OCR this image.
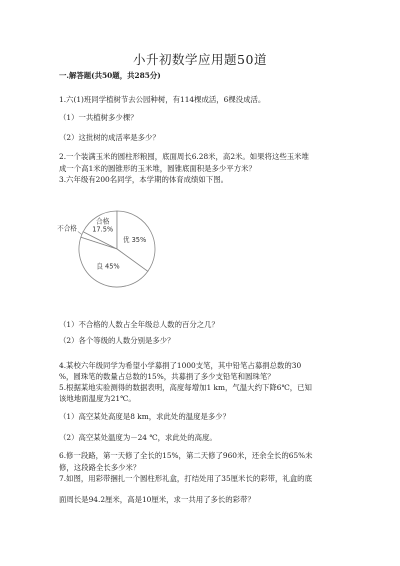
小升初数学应用题50道
一.解答题(共50题，共285分)
1.六(1)班同学植树节去公园种树，有114棵成活，6棵没成活。
（1）一共植树多少棵？
（2）这批树的成活率是多少？
2.一个装满玉米的圆柱形粮囤，底面周长6.28米，高2米。如果将这些玉米堆
成一个高1米的圆锥形的玉米堆，圆锥底面积是多少平方米？
3.六年级有200名同学，本学期的体育成绩如下图。
不合格
合格
17.5%
优 35%
良 45%
（1）不合格的人数占全年级总人数的百分之几？
（2）各个等级的人数分别是多少？
4.某校六年级同学为希望小学募捐了1000支笔，其中铅笔占募捐总数的30
%，圆珠笔的数量占总数的15%，共募捐了多少支铅笔和圆珠笔？
5.根据某地实验测得的数据表明，高度每增加1 km，气温大约下降6℃，已知
该地地面温度为21℃。
（1）高空某处高度是8 km，求此处的温度是多少？
（2）高空某处温度为－24 ℃，求此处的高度。
6.修一段路，第一天修了全长的15%，第二天修了960米，还余全长的65%未
修，这段路全长多少米？
7.如图，用彩带捆扎一个圆柱形礼盒，打结处用了35厘米长的彩带，礼盒的底
面周长是94.2厘米，高是10厘米，求一共用了多长的彩带？
